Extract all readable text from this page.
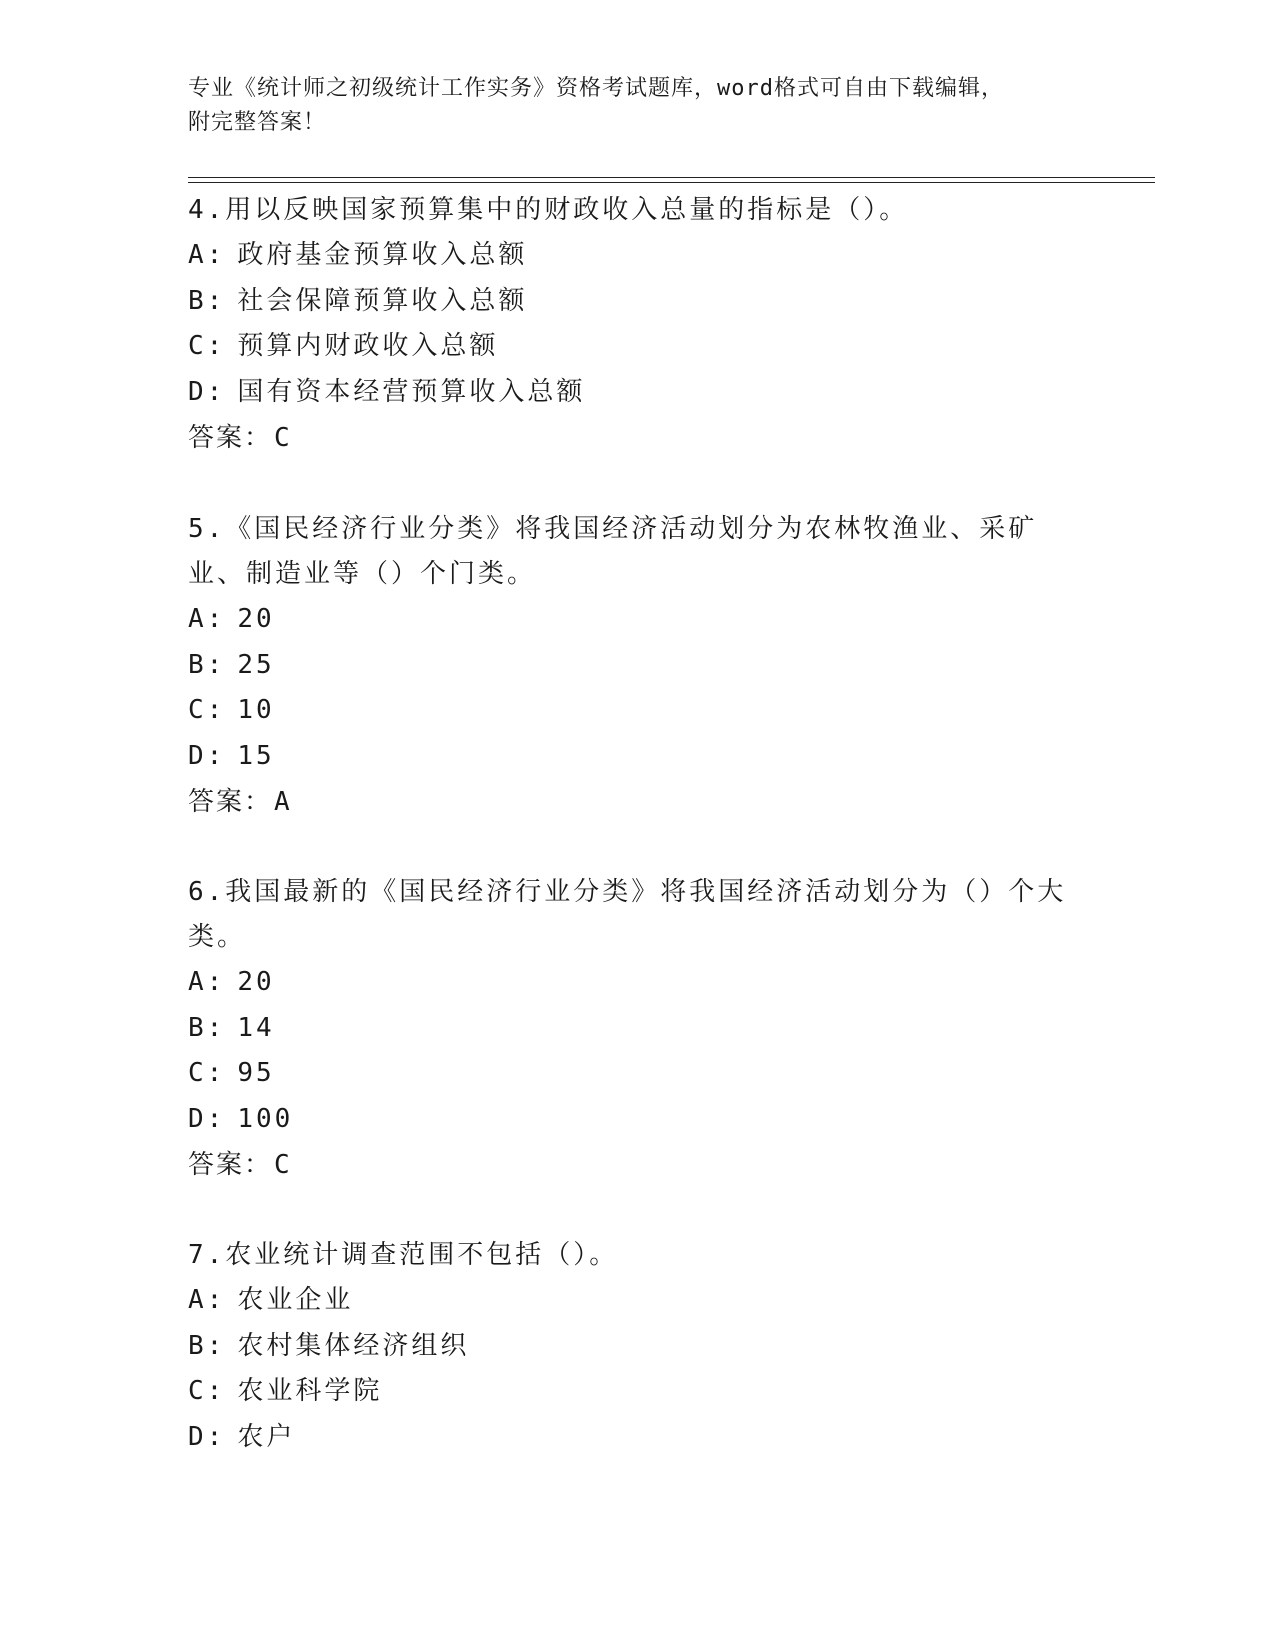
专业《统计师之初级统计工作实务》资格考试题库，word格式可自由下载编辑，
附完整答案！

4.用以反映国家预算集中的财政收入总量的指标是（）。

A: 政府基金预算收入总额

B: 社会保障预算收入总额

C: 预算内财政收入总额

D: 国有资本经营预算收入总额

答案：C

5.《国民经济行业分类》将我国经济活动划分为农林牧渔业、采矿业、制造业等（）个门类。

A: 20

B: 25

C: 10

D: 15

答案：A

6.我国最新的《国民经济行业分类》将我国经济活动划分为（）个大类。

A: 20

B: 14

C: 95

D: 100

答案：C

7.农业统计调查范围不包括（）。

A: 农业企业

B: 农村集体经济组织

C: 农业科学院

D: 农户
